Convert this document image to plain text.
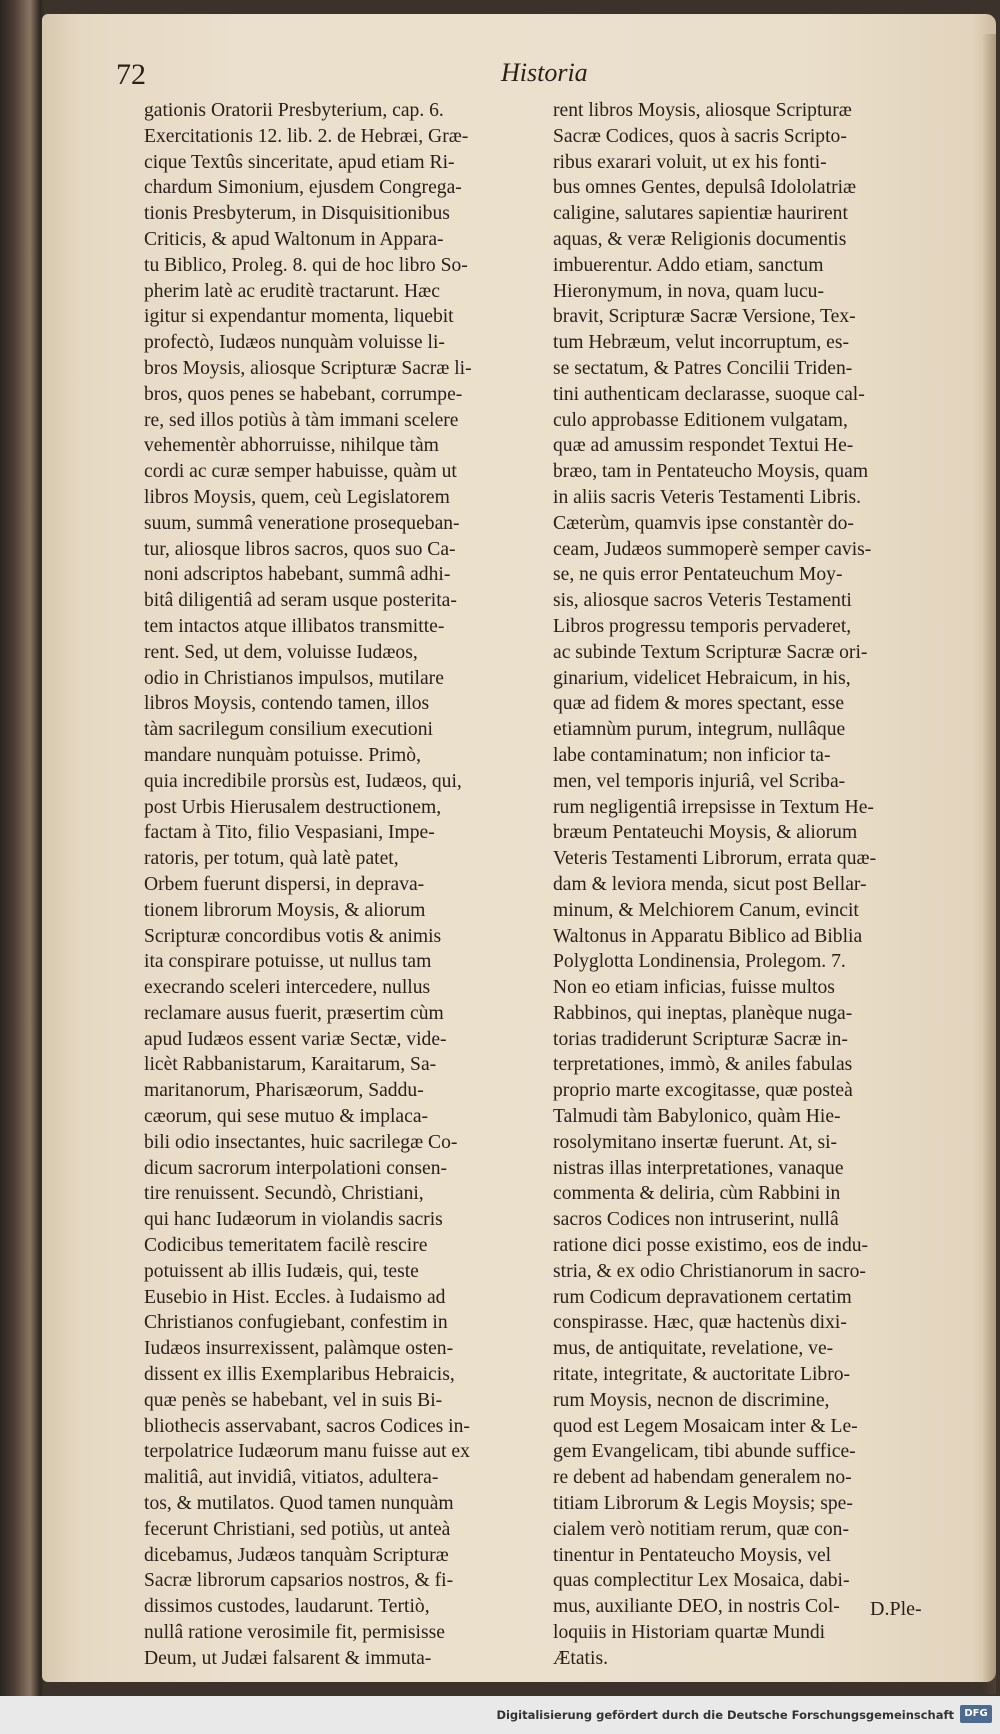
72	Historia
gationis Oratorii Presbyterium, cap. 6.
Exercitationis 12. lib. 2. de Hebræi, Græ-
cique Textûs sinceritate, apud etiam Ri-
chardum Simonium, ejusdem Congrega-
tionis Presbyterum, in Disquisitionibus
Criticis, & apud Waltonum in Appara-
tu Biblico, Proleg. 8. qui de hoc libro So-
pherim latè ac eruditè tractarunt. Hæc
igitur si expendantur momenta, liquebit
profectò, Iudæos nunquàm voluisse li-
bros Moysis, aliosque Scripturæ Sacræ li-
bros, quos penes se habebant, corrumpe-
re, sed illos potiùs à tàm immani scelere
vehementèr abhorruisse, nihilque tàm
cordi ac curæ semper habuisse, quàm ut
libros Moysis, quem, ceù Legislatorem
suum, summâ veneratione prosequeban-
tur, aliosque libros sacros, quos suo Ca-
noni adscriptos habebant, summâ adhi-
bitâ diligentiâ ad seram usque posterita-
tem intactos atque illibatos transmitte-
rent. Sed, ut dem, voluisse Iudæos,
odio in Christianos impulsos, mutilare
libros Moysis, contendo tamen, illos
tàm sacrilegum consilium executioni
mandare nunquàm potuisse. Primò,
quia incredibile prorsùs est, Iudæos, qui,
post Urbis Hierusalem destructionem,
factam à Tito, filio Vespasiani, Impe-
ratoris, per totum, quà latè patet,
Orbem fuerunt dispersi, in deprava-
tionem librorum Moysis, & aliorum
Scripturæ concordibus votis & animis
ita conspirare potuisse, ut nullus tam
execrando sceleri intercedere, nullus
reclamare ausus fuerit, præsertim cùm
apud Iudæos essent variæ Sectæ, vide-
licèt Rabbanistarum, Karaitarum, Sa-
maritanorum, Pharisæorum, Saddu-
cæorum, qui sese mutuo & implaca-
bili odio insectantes, huic sacrilegæ Co-
dicum sacrorum interpolationi consen-
tire renuissent. Secundò, Christiani,
qui hanc Iudæorum in violandis sacris
Codicibus temeritatem facilè rescire
potuissent ab illis Iudæis, qui, teste
Eusebio in Hist. Eccles. à Iudaismo ad
Christianos confugiebant, confestim in
Iudæos insurrexissent, palàmque osten-
dissent ex illis Exemplaribus Hebraicis,
quæ penès se habebant, vel in suis Bi-
bliothecis asservabant, sacros Codices in-
terpolatrice Iudæorum manu fuisse aut ex
malitiâ, aut invidiâ, vitiatos, adultera-
tos, & mutilatos. Quod tamen nunquàm
fecerunt Christiani, sed potiùs, ut anteà
dicebamus, Judæos tanquàm Scripturæ
Sacræ librorum capsarios nostros, & fi-
dissimos custodes, laudarunt. Tertiò,
nullâ ratione verosimile fit, permisisse
Deum, ut Judæi falsarent & immuta-
rent libros Moysis, aliosque Scripturæ
Sacræ Codices, quos à sacris Scripto-
ribus exarari voluit, ut ex his fonti-
bus omnes Gentes, depulsâ Idololatriæ
caligine, salutares sapientiæ haurirent
aquas, & veræ Religionis documentis
imbuerentur. Addo etiam, sanctum
Hieronymum, in nova, quam lucu-
bravit, Scripturæ Sacræ Versione, Tex-
tum Hebræum, velut incorruptum, es-
se sectatum, & Patres Concilii Triden-
tini authenticam declarasse, suoque cal-
culo approbasse Editionem vulgatam,
quæ ad amussim respondet Textui He-
bræo, tam in Pentateucho Moysis, quam
in aliis sacris Veteris Testamenti Libris.
Cæterùm, quamvis ipse constantèr do-
ceam, Judæos summoperè semper cavis-
se, ne quis error Pentateuchum Moy-
sis, aliosque sacros Veteris Testamenti
Libros progressu temporis pervaderet,
ac subinde Textum Scripturæ Sacræ ori-
ginarium, videlicet Hebraicum, in his,
quæ ad fidem & mores spectant, esse
etiamnùm purum, integrum, nullâque
labe contaminatum; non inficior ta-
men, vel temporis injuriâ, vel Scriba-
rum negligentiâ irrepsisse in Textum He-
bræum Pentateuchi Moysis, & aliorum
Veteris Testamenti Librorum, errata quæ-
dam & leviora menda, sicut post Bellar-
minum, & Melchiorem Canum, evincit
Waltonus in Apparatu Biblico ad Biblia
Polyglotta Londinensia, Prolegom. 7.
Non eo etiam inficias, fuisse multos
Rabbinos, qui ineptas, planèque nuga-
torias tradiderunt Scripturæ Sacræ in-
terpretationes, immò, & aniles fabulas
proprio marte excogitasse, quæ posteà
Talmudi tàm Babylonico, quàm Hie-
rosolymitano insertæ fuerunt. At, si-
nistras illas interpretationes, vanaque
commenta & deliria, cùm Rabbini in
sacros Codices non intruserint, nullâ
ratione dici posse existimo, eos de indu-
stria, & ex odio Christianorum in sacro-
rum Codicum depravationem certatim
conspirasse. Hæc, quæ hactenùs dixi-
mus, de antiquitate, revelatione, ve-
ritate, integritate, & auctoritate Libro-
rum Moysis, necnon de discrimine,
quod est Legem Mosaicam inter & Le-
gem Evangelicam, tibi abunde suffice-
re debent ad habendam generalem no-
titiam Librorum & Legis Moysis; spe-
cialem verò notitiam rerum, quæ con-
tinentur in Pentateucho Moysis, vel
quas complectitur Lex Mosaica, dabi-
mus, auxiliante DEO, in nostris Col-
loquiis in Historiam quartæ Mundi
Ætatis.
D.Ple-
Digitalisierung gefördert durch die Deutsche Forschungsgemeinschaft	DFG
